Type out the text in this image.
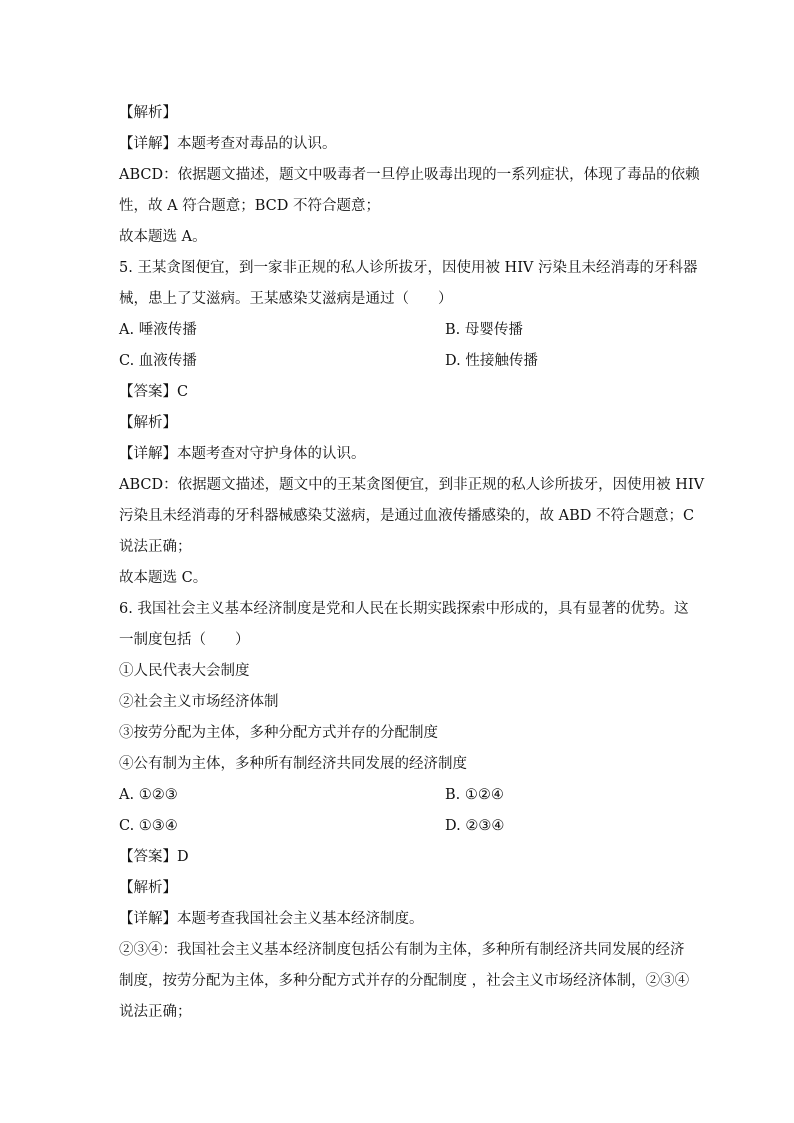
【解析】
【详解】本题考查对毒品的认识。
ABCD：依据题文描述，题文中吸毒者一旦停止吸毒出现的一系列症状，体现了毒品的依赖
性，故 A 符合题意；BCD 不符合题意；
故本题选 A。
5. 王某贪图便宜，到一家非正规的私人诊所拔牙，因使用被 HIV 污染且未经消毒的牙科器
械，患上了艾滋病。王某感染艾滋病是通过（　　）
A. 唾液传播	B. 母婴传播
C. 血液传播	D. 性接触传播
【答案】C
【解析】
【详解】本题考查对守护身体的认识。
ABCD：依据题文描述，题文中的王某贪图便宜，到非正规的私人诊所拔牙，因使用被 HIV
污染且未经消毒的牙科器械感染艾滋病，是通过血液传播感染的，故 ABD 不符合题意；C
说法正确；
故本题选 C。
6. 我国社会主义基本经济制度是党和人民在长期实践探索中形成的，具有显著的优势。这
一制度包括（　　）
①人民代表大会制度
②社会主义市场经济体制
③按劳分配为主体，多种分配方式并存的分配制度
④公有制为主体，多种所有制经济共同发展的经济制度
A. ①②③	B. ①②④
C. ①③④	D. ②③④
【答案】D
【解析】
【详解】本题考查我国社会主义基本经济制度。
②③④：我国社会主义基本经济制度包括公有制为主体，多种所有制经济共同发展的经济
制度，按劳分配为主体，多种分配方式并存的分配制度 ，社会主义市场经济体制，②③④
说法正确；
